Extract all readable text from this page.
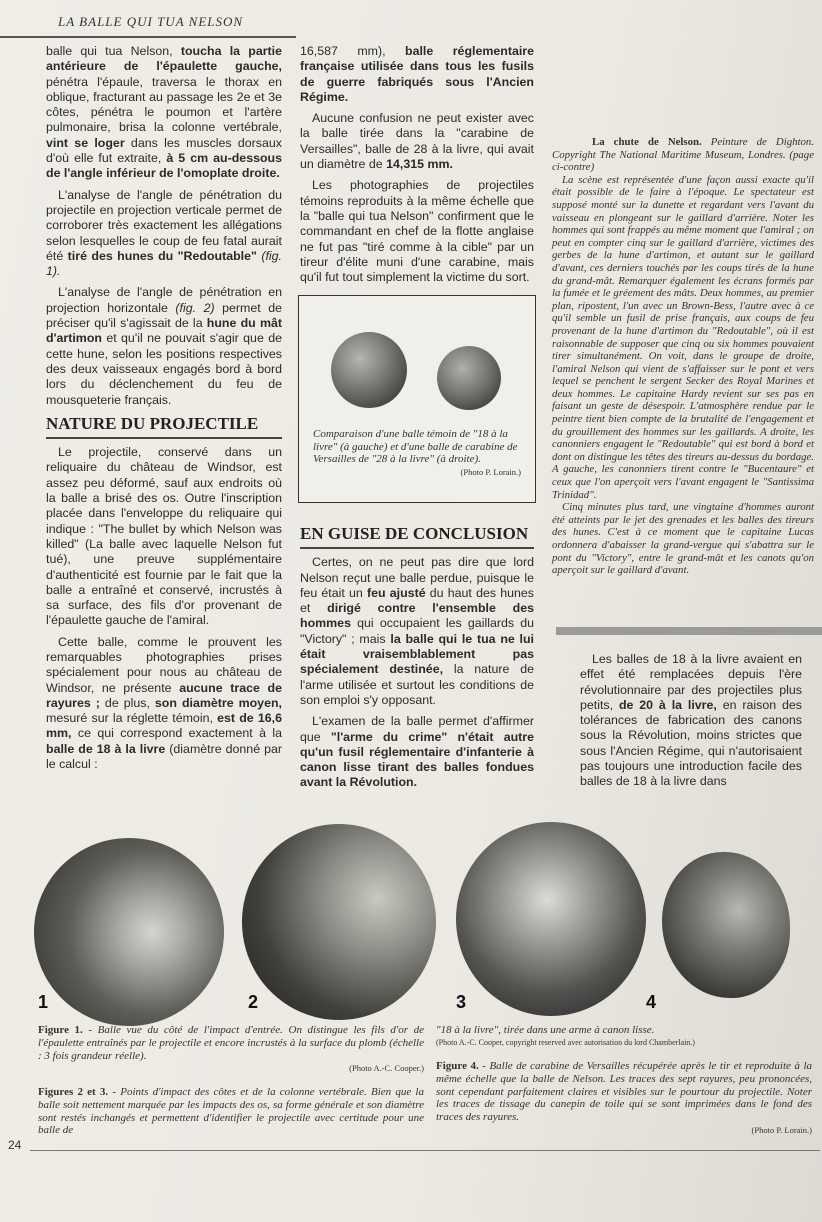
LA BALLE QUI TUA NELSON

balle qui tua Nelson, toucha la partie antérieure de l'épaulette gauche, pénétra l'épaule, traversa le thorax en oblique, fracturant au passage les 2e et 3e côtes, pénétra le poumon et l'artère pulmonaire, brisa la colonne vertébrale, vint se loger dans les muscles dorsaux d'où elle fut extraite, à 5 cm au-dessous de l'angle inférieur de l'omoplate droite.

L'analyse de l'angle de pénétration du projectile en projection verticale permet de corroborer très exactement les allégations selon lesquelles le coup de feu fatal aurait été tiré des hunes du "Redoutable" (fig. 1).

L'analyse de l'angle de pénétration en projection horizontale (fig. 2) permet de préciser qu'il s'agissait de la hune du mât d'artimon et qu'il ne pouvait s'agir que de cette hune, selon les positions respectives des deux vaisseaux engagés bord à bord lors du déclenchement du feu de mousqueterie français.

NATURE DU PROJECTILE

Le projectile, conservé dans un reliquaire du château de Windsor, est assez peu déformé, sauf aux endroits où la balle a brisé des os. Outre l'inscription placée dans l'enveloppe du reliquaire qui indique : "The bullet by which Nelson was killed" (La balle avec laquelle Nelson fut tué), une preuve supplémentaire d'authenticité est fournie par le fait que la balle a entraîné et conservé, incrustés à sa surface, des fils d'or provenant de l'épaulette gauche de l'amiral.

Cette balle, comme le prouvent les remarquables photographies prises spécialement pour nous au château de Windsor, ne présente aucune trace de rayures ; de plus, son diamètre moyen, mesuré sur la réglette témoin, est de 16,6 mm, ce qui correspond exactement à la balle de 18 à la livre (diamètre donné par le calcul :

16,587 mm), balle réglementaire française utilisée dans tous les fusils de guerre fabriqués sous l'Ancien Régime.

Aucune confusion ne peut exister avec la balle tirée dans la "carabine de Versailles", balle de 28 à la livre, qui avait un diamètre de 14,315 mm.

Les photographies de projectiles témoins reproduits à la même échelle que la "balle qui tua Nelson" confirment que le commandant en chef de la flotte anglaise ne fut pas "tiré comme à la cible" par un tireur d'élite muni d'une carabine, mais qu'il fut tout simplement la victime du sort.

Comparaison d'une balle témoin de "18 à la livre" (à gauche) et d'une balle de carabine de Versailles de "28 à la livre" (à droite).
(Photo P. Lorain.)
EN GUISE DE CONCLUSION

Certes, on ne peut pas dire que lord Nelson reçut une balle perdue, puisque le feu était un feu ajusté du haut des hunes et dirigé contre l'ensemble des hommes qui occupaient les gaillards du "Victory" ; mais la balle qui le tua ne lui était vraisemblablement pas spécialement destinée, la nature de l'arme utilisée et surtout les conditions de son emploi s'y opposant.

L'examen de la balle permet d'affirmer que "l'arme du crime" n'était autre qu'un fusil réglementaire d'infanterie à canon lisse tirant des balles fondues avant la Révolution.

La chute de Nelson. Peinture de Dighton. Copyright The National Maritime Museum, Londres. (page ci-contre)

La scène est représentée d'une façon aussi exacte qu'il était possible de le faire à l'époque. Le spectateur est supposé monté sur la dunette et regardant vers l'avant du vaisseau en plongeant sur le gaillard d'arrière. Noter les hommes qui sont frappés au même moment que l'amiral ; on peut en compter cinq sur le gaillard d'arrière, victimes des gerbes de la hune d'artimon, et autant sur le gaillard d'avant, ces derniers touchés par les coups tirés de la hune du grand-mât. Remarquer également les écrans formés par la fumée et le gréement des mâts. Deux hommes, au premier plan, ripostent, l'un avec un Brown-Bess, l'autre avec à ce qu'il semble un fusil de prise français, aux coups de feu provenant de la hune d'artimon du "Redoutable", où il est raisonnable de supposer que cinq ou six hommes pouvaient tirer simultanément. On voit, dans le groupe de droite, l'amiral Nelson qui vient de s'affaisser sur le pont et vers lequel se penchent le sergent Secker des Royal Marines et deux hommes. Le capitaine Hardy revient sur ses pas en faisant un geste de désespoir. L'atmosphère rendue par le peintre tient bien compte de la brutalité de l'engagement et du grouillement des hommes sur les gaillards. A droite, les canonniers engagent le "Redoutable" qui est bord à bord et dont on distingue les têtes des tireurs au-dessus du bordage. A gauche, les canonniers tirent contre le "Bucentaure" et ceux que l'on aperçoit vers l'avant engagent le "Santissima Trinidad".

Cinq minutes plus tard, une vingtaine d'hommes auront été atteints par le jet des grenades et les balles des tireurs des hunes. C'est à ce moment que le capitaine Lucas ordonnera d'abaisser la grand-vergue qui s'abattra sur le pont du "Victory", entre le grand-mât et les canots qu'on aperçoit sur le gaillard d'avant.

Les balles de 18 à la livre avaient en effet été remplacées depuis l'ère révolutionnaire par des projectiles plus petits, de 20 à la livre, en raison des tolérances de fabrication des canons sous la Révolution, moins strictes que sous l'Ancien Régime, qui n'autorisaient pas toujours une introduction facile des balles de 18 à la livre dans

1	2	3	4
Figure 1. - Balle vue du côté de l'impact d'entrée. On distingue les fils d'or de l'épaulette entraînés par le projectile et encore incrustés à la surface du plomb (échelle : 3 fois grandeur réelle).
(Photo A.-C. Cooper.)
Figures 2 et 3. - Points d'impact des côtes et de la colonne vertébrale. Bien que la balle soit nettement marquée par les impacts des os, sa forme générale et son diamètre sont restés inchangés et permettent d'identifier le projectile avec certitude pour une balle de
"18 à la livre", tirée dans une arme à canon lisse.
(Photo A.-C. Cooper, copyright reserved avec autorisation du lord Chamberlain.)
Figure 4. - Balle de carabine de Versailles récupérée après le tir et reproduite à la même échelle que la balle de Nelson. Les traces des sept rayures, peu prononcées, sont cependant parfaitement claires et visibles sur le pourtour du projectile. Noter les traces de tissage du canepin de toile qui se sont imprimées dans le fond des traces des rayures.
(Photo P. Lorain.)
24
